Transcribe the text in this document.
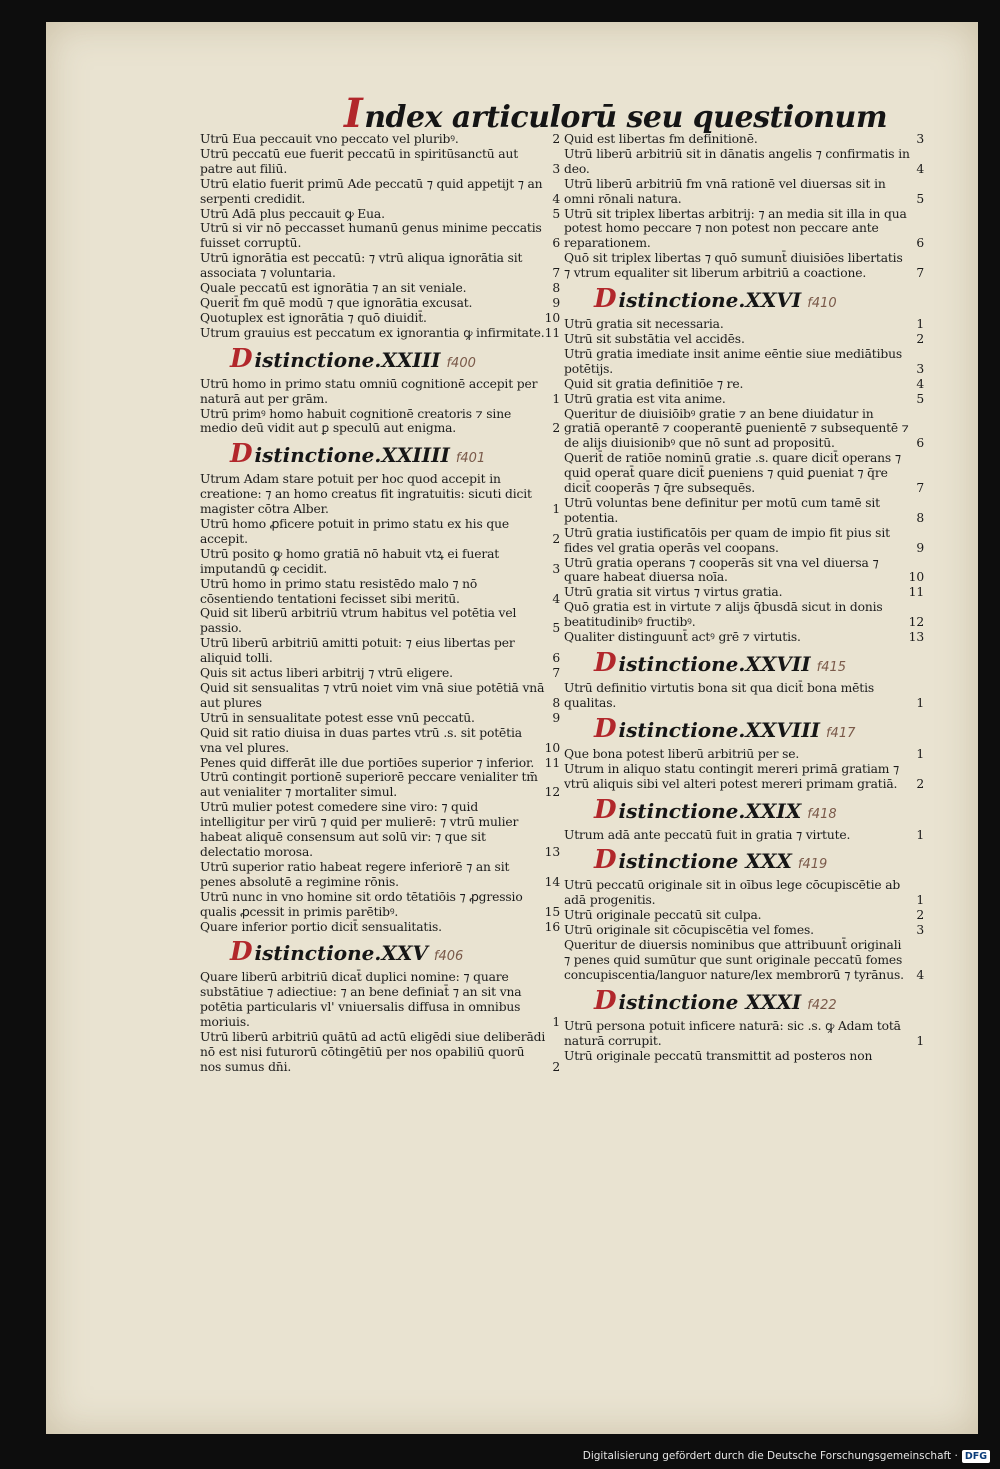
Index articulorū seu questionum
Utrū Eua peccauit vno peccato vel pluribꝰ.	2
Utrū peccatū eue fuerit peccatū in spiritūsanctū aut patre aut filiū.	3
Utrū elatio fuerit primū Ade peccatū ⁊ quid appetijt ⁊ an serpenti credidit.	4
Utrū Adā plus peccauit ꝙ Eua.	5
Utrū si vir nō peccasset humanū genus minime peccatis fuisset corruptū.	6
Utrū ignorātia est peccatū: ⁊ vtrū aliqua ignorātia sit associata ⁊ voluntaria.	7
Quale peccatū est ignorātia ⁊ an sit veniale.	8
Querit̄ fm quē modū ⁊ que ignorātia excusat.	9
Quotuplex est ignorātia ⁊ quō diuidit̄.	10
Utrum grauius est peccatum ex ignorantia ꝙ infirmitate. 11
D istinctione.XXIII f400
Utrū homo in primo statu omniū cognitionē accepit per naturā aut per grām.	1
Utrū primꝰ homo habuit cognitionē creatoris ⁊ sine medio deū vidit aut ꝑ speculū aut enigma.	2
D istinctione.XXIIII f401
Utrum Adam stare potuit per hoc quod accepit in creatione: ⁊ an homo creatus fit ingratuitis: sicuti dicit magister cōtra Alber.	1
Utrū homo ꝓficere potuit in primo statu ex his que accepit.	2
Utrū posito ꝙ homo gratiā nō habuit vtꝝ ei fuerat imputandū ꝙ cecidit.	3
Utrū homo in primo statu resistēdo malo ⁊ nō cōsentiendo tentationi fecisset sibi meritū.	4
Quid sit liberū arbitriū vtrum habitus vel potētia vel passio.	5
Utrū liberū arbitriū amitti potuit: ⁊ eius libertas per aliquid tolli.	6
Quis sit actus liberi arbitrij ⁊ vtrū eligere.	7
Quid sit sensualitas ⁊ vtrū noiet vim vnā siue potētiā vnā aut plures	8
Utrū in sensualitate potest esse vnū peccatū.	9
Quid sit ratio diuisa in duas partes vtrū .s. sit potētia vna vel plures.	10
Penes quid differāt ille due portiōes superior ⁊ inferior. 11
Utrū contingit portionē superiorē peccare venialiter tm̄ aut venialiter ⁊ mortaliter simul.	12
Utrū mulier potest comedere sine viro: ⁊ quid intelligitur per virū ⁊ quid per mulierē: ⁊ vtrū mulier habeat aliquē consensum aut solū vir: ⁊ que sit delectatio morosa.	13
Utrū superior ratio habeat regere inferiorē ⁊ an sit penes absolutē a regimine rōnis.	14
Utrū nunc in vno homine sit ordo tētatiōis ⁊ ꝓgressio qualis ꝓcessit in primis parētibꝰ.	15
Quare inferior portio dicit̄ sensualitatis.	16
D istinctione.XXV f406
Quare liberū arbitriū dicat̄ duplici nomine: ⁊ quare substātiue ⁊ adiectiue: ⁊ an bene definiat̄ ⁊ an sit vna potētia particularis vl' vniuersalis diffusa in omnibus moriuis.	1
Utrū liberū arbitriū quātū ad actū eligēdi siue deliberādi nō est nisi futurorū cōtingētiū per nos opabiliū quorū nos sumus dn̄i.	2
Quid est libertas fm definitionē.	3
Utrū liberū arbitriū sit in dānatis angelis ⁊ confirmatis in deo.	4
Utrū liberū arbitriū fm vnā rationē vel diuersas sit in omni rōnali natura.	5
Utrū sit triplex libertas arbitrij: ⁊ an media sit illa in qua potest homo peccare ⁊ non potest non peccare ante reparationem.	6
Quō sit triplex libertas ⁊ quō sumunt̄ diuisiōes libertatis ⁊ vtrum equaliter sit liberum arbitriū a coactione.	7
D istinctione.XXVI f410
Utrū gratia sit necessaria.	1
Utrū sit substātia vel accidēs.	2
Utrū gratia imediate insit anime eēntie siue mediātibus potētijs.	3
Quid sit gratia definitiōe ⁊ re.	4
Utrū gratia est vita anime.	5
Queritur de diuisiōibꝰ gratie ⁊ an bene diuidatur in gratiā operantē ⁊ cooperantē ꝑuenientē ⁊ subsequentē ⁊ de alijs diuisionibꝰ que nō sunt ad propositū.	6
Querit̄ de ratiōe nominū gratie .s. quare dicit̄ operans ⁊ quid operat̄ quare dicit̄ ꝑueniens ⁊ quid ꝑueniat ⁊ q̄re dicit̄ cooperās ⁊ q̄re subsequēs.	7
Utrū voluntas bene definitur per motū cum tamē sit potentia.	8
Utrū gratia iustificatōis per quam de impio fit pius sit fides vel gratia operās vel coopans.	9
Utrū gratia operans ⁊ cooperās sit vna vel diuersa ⁊ quare habeat diuersa noīa.	10
Utrū gratia sit virtus ⁊ virtus gratia.	11
Quō gratia est in virtute ⁊ alijs q̄busdā sicut in donis beatitudinibꝰ fructibꝰ.	12
Qualiter distinguunt̄ actꝰ grē ⁊ virtutis.	13
D istinctione.XXVII f415
Utrū definitio virtutis bona sit qua dicit̄ bona mētis qualitas.	1
D istinctione.XXVIII f417
Que bona potest liberū arbitriū per se.	1
Utrum in aliquo statu contingit mereri primā gratiam ⁊ vtrū aliquis sibi vel alteri potest mereri primam gratiā. 2
D istinctione.XXIX f418
Utrum adā ante peccatū fuit in gratia ⁊ virtute.	1
D istinctione XXX f419
Utrū peccatū originale sit in oībus lege cōcupiscētie ab adā progenitis.	1
Utrū originale peccatū sit culpa.	2
Utrū originale sit cōcupiscētia vel fomes.	3
Queritur de diuersis nominibus que attribuunt̄ originali ⁊ penes quid sumūtur que sunt originale peccatū fomes concupiscentia/languor nature/lex membrorū ⁊ tyrānus. 4
D istinctione XXXI f422
Utrū persona potuit inficere naturā: sic .s. ꝙ Adam totā naturā corrupit.	1
Utrū originale peccatū transmittit ad posteros non
Digitalisierung gefördert durch die Deutsche Forschungsgemeinschaft · DFG
